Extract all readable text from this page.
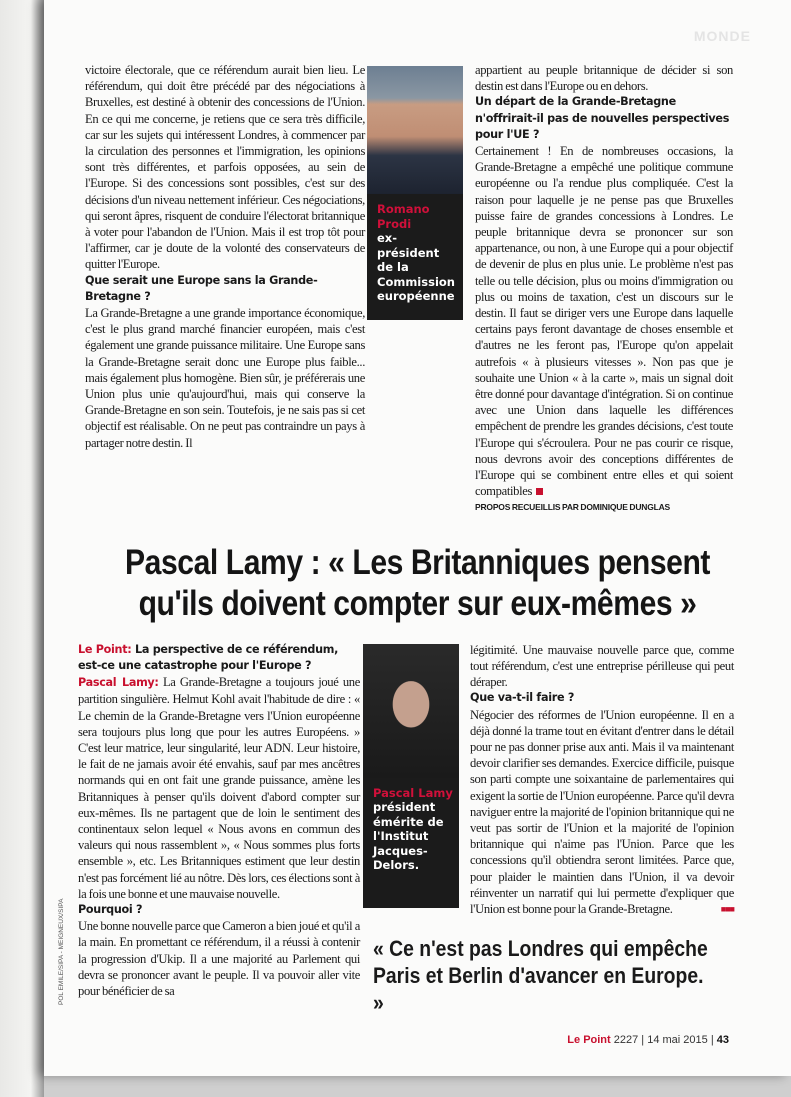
MONDE

victoire électorale, que ce référendum aurait bien lieu. Le référendum, qui doit être précédé par des négociations à Bruxelles, est destiné à obtenir des concessions de l'Union. En ce qui me concerne, je retiens que ce sera très difficile, car sur les sujets qui intéressent Londres, à commencer par la circulation des personnes et l'immigration, les opinions sont très différentes, et parfois opposées, au sein de l'Europe. Si des concessions sont possibles, c'est sur des décisions d'un niveau nettement inférieur. Ces négociations, qui seront âpres, risquent de conduire l'électorat britannique à voter pour l'abandon de l'Union. Mais il est trop tôt pour l'affirmer, car je doute de la volonté des conservateurs de quitter l'Europe.

Que serait une Europe sans la Grande-Bretagne ?

La Grande-Bretagne a une grande importance économique, c'est le plus grand marché financier européen, mais c'est également une grande puissance militaire. Une Europe sans la Grande-Bretagne serait donc une Europe plus faible... mais également plus homogène. Bien sûr, je préférerais une Union plus unie qu'aujourd'hui, mais qui conserve la Grande-Bretagne en son sein. Toutefois, je ne sais pas si cet objectif est réalisable. On ne peut pas contraindre un pays à partager notre destin. Il

Romano Prodi
ex-président de la Commission européenne

appartient au peuple britannique de décider si son destin est dans l'Europe ou en dehors.

Un départ de la Grande-Bretagne n'offrirait-il pas de nouvelles perspectives pour l'UE ?

Certainement ! En de nombreuses occasions, la Grande-Bretagne a empêché une politique commune européenne ou l'a rendue plus compliquée. C'est la raison pour laquelle je ne pense pas que Bruxelles puisse faire de grandes concessions à Londres. Le peuple britannique devra se prononcer sur son appartenance, ou non, à une Europe qui a pour objectif de devenir de plus en plus unie. Le problème n'est pas telle ou telle décision, plus ou moins d'immigration ou plus ou moins de taxation, c'est un discours sur le destin. Il faut se diriger vers une Europe dans laquelle certains pays feront davantage de choses ensemble et d'autres ne les feront pas, l'Europe qu'on appelait autrefois « à plusieurs vitesses ». Non pas que je souhaite une Union « à la carte », mais un signal doit être donné pour davantage d'intégration. Si on continue avec une Union dans laquelle les différences empêchent de prendre les grandes décisions, c'est toute l'Europe qui s'écroulera. Pour ne pas courir ce risque, nous devrons avoir des conceptions différentes de l'Europe qui se combinent entre elles et qui soient compatibles

PROPOS RECUEILLIS PAR DOMINIQUE DUNGLAS

Pascal Lamy : « Les Britanniques pensent qu'ils doivent compter sur eux-mêmes »
POL EMILE/SIPA - MEIGNEUX/SIPA

Le Point: La perspective de ce référendum, est-ce une catastrophe pour l'Europe ?

Pascal Lamy: La Grande-Bretagne a toujours joué une partition singulière. Helmut Kohl avait l'habitude de dire : « Le chemin de la Grande-Bretagne vers l'Union européenne sera toujours plus long que pour les autres Européens. » C'est leur matrice, leur singularité, leur ADN. Leur histoire, le fait de ne jamais avoir été envahis, sauf par mes ancêtres normands qui en ont fait une grande puissance, amène les Britanniques à penser qu'ils doivent d'abord compter sur eux-mêmes. Ils ne partagent que de loin le sentiment des continentaux selon lequel « Nous avons en commun des valeurs qui nous rassemblent », « Nous sommes plus forts ensemble », etc. Les Britanniques estiment que leur destin n'est pas forcément lié au nôtre. Dès lors, ces élections sont à la fois une bonne et une mauvaise nouvelle.

Pourquoi ?

Une bonne nouvelle parce que Cameron a bien joué et qu'il a la main. En promettant ce référendum, il a réussi à contenir la progression d'Ukip. Il a une majorité au Parlement qui devra se prononcer avant le peuple. Il va pouvoir aller vite pour bénéficier de sa

Pascal Lamy
président émérite de l'Institut Jacques-Delors.

légitimité. Une mauvaise nouvelle parce que, comme tout référendum, c'est une entreprise périlleuse qui peut déraper.

Que va-t-il faire ?

Négocier des réformes de l'Union européenne. Il en a déjà donné la trame tout en évitant d'entrer dans le détail pour ne pas donner prise aux anti. Mais il va maintenant devoir clarifier ses demandes. Exercice difficile, puisque son parti compte une soixantaine de parlementaires qui exigent la sortie de l'Union européenne. Parce qu'il devra naviguer entre la majorité de l'opinion britannique qui ne veut pas sortir de l'Union et la majorité de l'opinion britannique qui n'aime pas l'Union. Parce que les concessions qu'il obtiendra seront limitées. Parce que, pour plaider le maintien dans l'Union, il va devoir réinventer un narratif qui lui permette d'expliquer que l'Union est bonne pour la Grande-Bretagne.	■■■

« Ce n'est pas Londres qui empêche Paris et Berlin d'avancer en Europe. »
Le Point 2227 | 14 mai 2015 | 43
